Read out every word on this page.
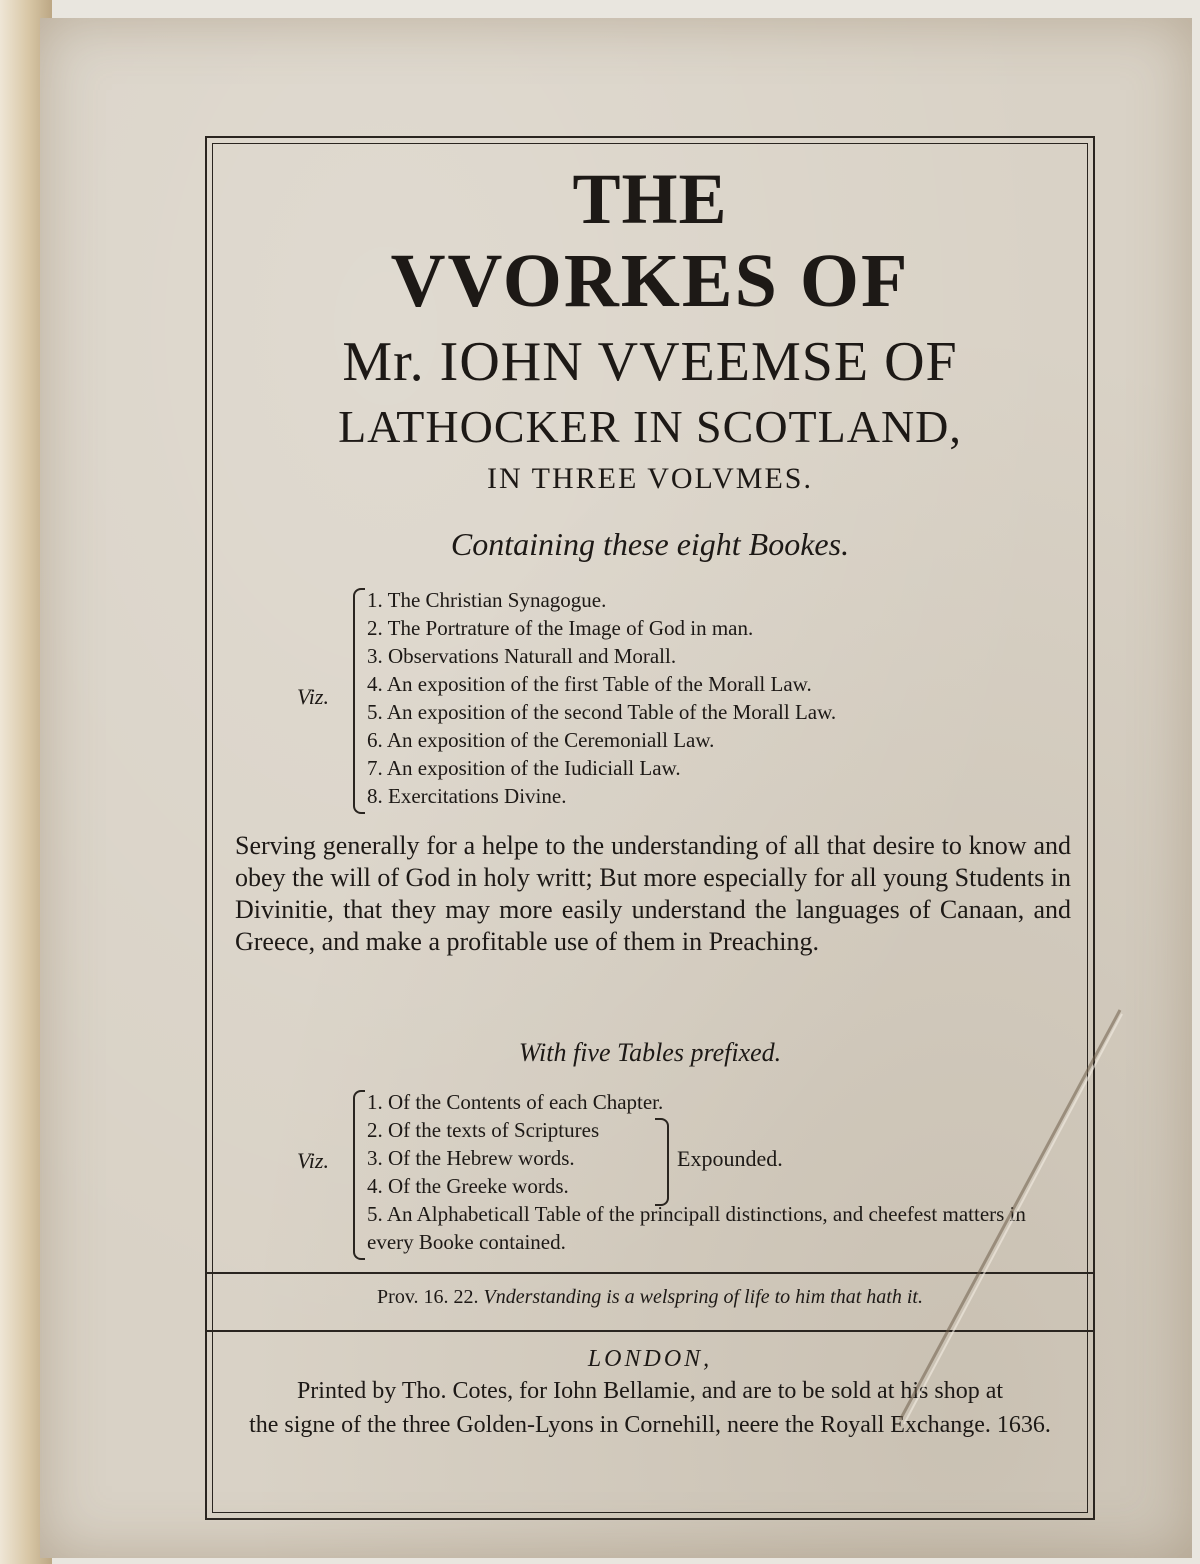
THE
VVORKES OF
Mr. IOHN VVEEMSE OF
LATHOCKER IN SCOTLAND,
IN THREE VOLVMES.
Containing these eight Bookes.
Viz.
1. The Christian Synagogue.
2. The Portrature of the Image of God in man.
3. Observations Naturall and Morall.
4. An exposition of the first Table of the Morall Law.
5. An exposition of the second Table of the Morall Law.
6. An exposition of the Ceremoniall Law.
7. An exposition of the Iudiciall Law.
8. Exercitations Divine.
Serving generally for a helpe to the understanding of all that desire to know and obey the will of God in holy writt; But more especially for all young Students in Divinitie, that they may more easily understand the languages of Canaan, and Greece, and make a profitable use of them in Preaching.
With five Tables prefixed.
Viz.
1. Of the Contents of each Chapter.
2. Of the texts of Scriptures
3. Of the Hebrew words.
4. Of the Greeke words.
5. An Alphabeticall Table of the principall distinctions, and cheefest matters in every Booke contained.
Expounded.
Prov. 16. 22. Vnderstanding is a welspring of life to him that hath it.
LONDON,
Printed by Tho. Cotes, for Iohn Bellamie, and are to be sold at his shop at
the signe of the three Golden-Lyons in Cornehill, neere the Royall Exchange. 1636.
